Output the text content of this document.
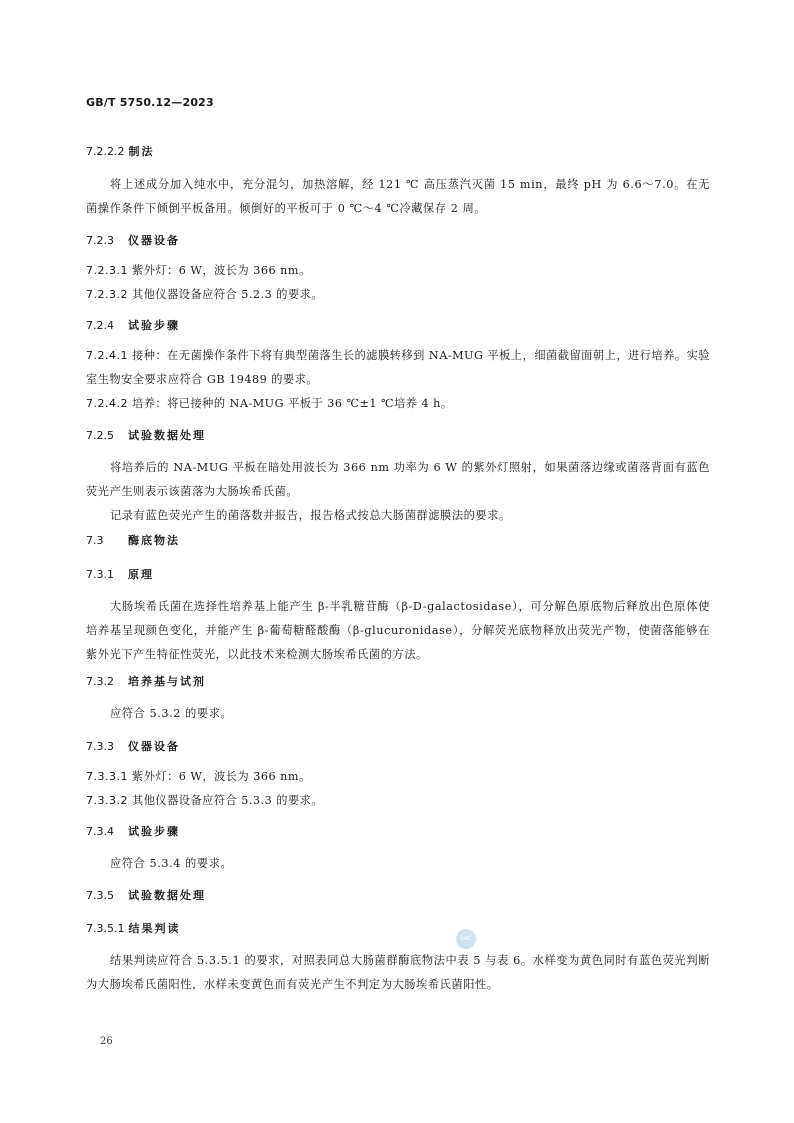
GB/T 5750.12—2023
7.2.2.2 制法
将上述成分加入纯水中，充分混匀，加热溶解，经 121 ℃ 高压蒸汽灭菌 15 min，最终 pH 为 6.6～7.0。在无菌操作条件下倾倒平板备用。倾倒好的平板可于 0 ℃～4 ℃冷藏保存 2 周。
7.2.3 仪器设备
7.2.3.1 紫外灯：6 W，波长为 366 nm。
7.2.3.2 其他仪器设备应符合 5.2.3 的要求。
7.2.4 试验步骤
7.2.4.1 接种：在无菌操作条件下将有典型菌落生长的滤膜转移到 NA-MUG 平板上，细菌截留面朝上，进行培养。实验室生物安全要求应符合 GB 19489 的要求。
7.2.4.2 培养：将已接种的 NA-MUG 平板于 36 ℃±1 ℃培养 4 h。
7.2.5 试验数据处理
将培养后的 NA-MUG 平板在暗处用波长为 366 nm 功率为 6 W 的紫外灯照射，如果菌落边缘或菌落背面有蓝色荧光产生则表示该菌落为大肠埃希氏菌。
记录有蓝色荧光产生的菌落数并报告，报告格式按总大肠菌群滤膜法的要求。
7.3 酶底物法
7.3.1 原理
大肠埃希氏菌在选择性培养基上能产生 β-半乳糖苷酶（β-D-galactosidase），可分解色原底物后释放出色原体使培养基呈现颜色变化，并能产生 β-葡萄糖醛酸酶（β-glucuronidase），分解荧光底物释放出荧光产物，使菌落能够在紫外光下产生特征性荧光，以此技术来检测大肠埃希氏菌的方法。
7.3.2 培养基与试剂
应符合 5.3.2 的要求。
7.3.3 仪器设备
7.3.3.1 紫外灯：6 W，波长为 366 nm。
7.3.3.2 其他仪器设备应符合 5.3.3 的要求。
7.3.4 试验步骤
应符合 5.3.4 的要求。
7.3.5 试验数据处理
7.3.5.1 结果判读
结果判读应符合 5.3.5.1 的要求，对照表同总大肠菌群酶底物法中表 5 与表 6。水样变为黄色同时有蓝色荧光判断为大肠埃希氏菌阳性，水样未变黄色而有荧光产生不判定为大肠埃希氏菌阳性。
SAC
26
